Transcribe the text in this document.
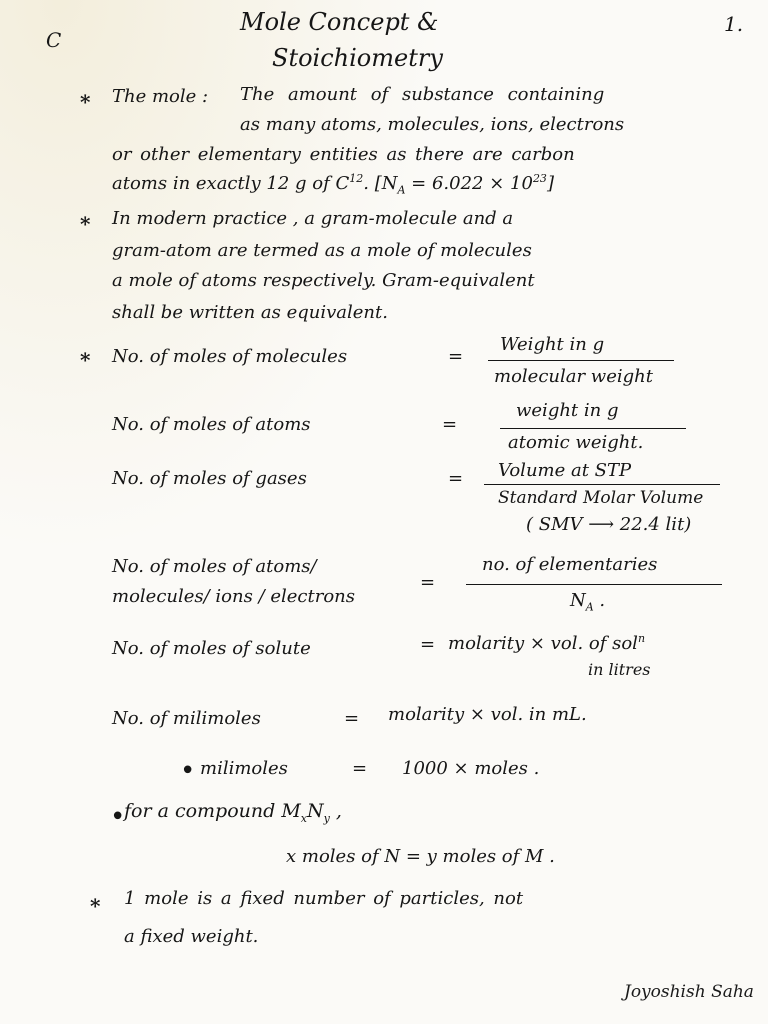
C
Mole Concept &
Stoichiometry
1.
* The mole : The amount of substance containing
as many atoms, molecules, ions, electrons
or other elementary entities as there are carbon
atoms in exactly 12 g of $C^{12}$. $[N_A = 6.022 \times 10^{23}]$
* In modern practice , a gram-molecule and a
gram-atom are termed as a mole of molecules
a mole of atoms respectively. Gram-equivalent
shall be written as equivalent.
* No. of moles of molecules	=
Weight in g
molecular weight
No. of moles of atoms	=
weight in g
atomic weight.
No. of moles of gases	= Volume at STP
Standard Molar Volume
( SMV ⟶ 22.4 lit)
No. of moles of atoms/
molecules/ ions / electrons
=
no. of elementaries
$N_A$ .
No. of moles of solute	= molarity × vol. of sol$^n$
in litres
No. of milimoles	= molarity × vol. in mL.
• milimoles	= 1000 × moles .
•
for a compound $M_xN_y$ ,
x moles of N = y moles of M .
* 1 mole is a fixed number of particles, not
a fixed weight.
Joyoshish Saha
